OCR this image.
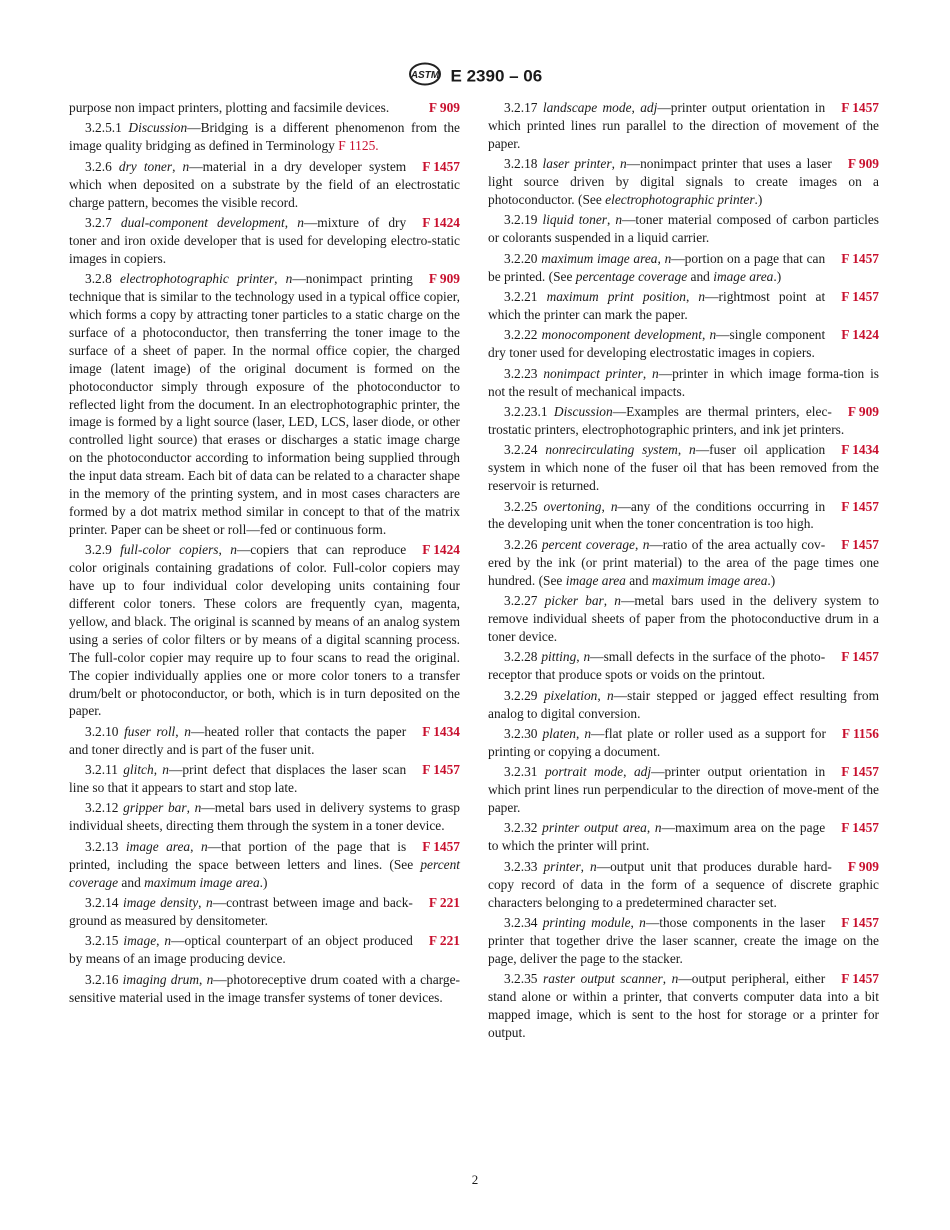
ASTM E 2390 – 06

F 909
purpose non impact printers, plotting and facsimile devices.

3.2.5.1 Discussion—Bridging is a different phenomenon from the image quality bridging as defined in Terminology F 1125.

F 1457
3.2.6 dry toner, n—material in a dry developer system which when deposited on a substrate by the field of an electrostatic charge pattern, becomes the visible record.

F 1424
3.2.7 dual-component development, n—mixture of dry toner and iron oxide developer that is used for developing electro-static images in copiers.

F 909
3.2.8 electrophotographic printer, n—nonimpact printing technique that is similar to the technology used in a typical office copier, which forms a copy by attracting toner particles to a static charge on the surface of a photoconductor, then transferring the toner image to the surface of a sheet of paper. In the normal office copier, the charged image (latent image) of the original document is formed on the photoconductor simply through exposure of the photoconductor to reflected light from the document. In an electrophotographic printer, the image is formed by a light source (laser, LED, LCS, laser diode, or other controlled light source) that erases or discharges a static image charge on the photoconductor according to information being supplied through the input data stream. Each bit of data can be related to a character shape in the memory of the printing system, and in most cases characters are formed by a dot matrix method similar in concept to that of the matrix printer. Paper can be sheet or roll—fed or continuous form.

F 1424
3.2.9 full-color copiers, n—copiers that can reproduce color originals containing gradations of color. Full-color copiers may have up to four individual color developing units containing four different color toners. These colors are frequently cyan, magenta, yellow, and black. The original is scanned by means of an analog system using a series of color filters or by means of a digital scanning process. The full-color copier may require up to four scans to read the original. The copier individually applies one or more color toners to a transfer drum/belt or photoconductor, or both, which is in turn deposited on the paper.

F 1434
3.2.10 fuser roll, n—heated roller that contacts the paper and toner directly and is part of the fuser unit.

F 1457
3.2.11 glitch, n—print defect that displaces the laser scan line so that it appears to start and stop late.

3.2.12 gripper bar, n—metal bars used in delivery systems to grasp individual sheets, directing them through the system in a toner device.

F 1457
3.2.13 image area, n—that portion of the page that is printed, including the space between letters and lines. (See percent coverage and maximum image area.)

F 221
3.2.14 image density, n—contrast between image and back-ground as measured by densitometer.

F 221
3.2.15 image, n—optical counterpart of an object produced by means of an image producing device.

3.2.16 imaging drum, n—photoreceptive drum coated with a charge-sensitive material used in the image transfer systems of toner devices.

F 1457
3.2.17 landscape mode, adj—printer output orientation in which printed lines run parallel to the direction of movement of the paper.

F 909
3.2.18 laser printer, n—nonimpact printer that uses a laser light source driven by digital signals to create images on a photoconductor. (See electrophotographic printer.)

3.2.19 liquid toner, n—toner material composed of carbon particles or colorants suspended in a liquid carrier.

F 1457
3.2.20 maximum image area, n—portion on a page that can be printed. (See percentage coverage and image area.)

F 1457
3.2.21 maximum print position, n—rightmost point at which the printer can mark the paper.

F 1424
3.2.22 monocomponent development, n—single component dry toner used for developing electrostatic images in copiers.

3.2.23 nonimpact printer, n—printer in which image forma-tion is not the result of mechanical impacts.

F 909
3.2.23.1 Discussion—Examples are thermal printers, elec-trostatic printers, electrophotographic printers, and ink jet printers.

F 1434
3.2.24 nonrecirculating system, n—fuser oil application system in which none of the fuser oil that has been removed from the reservoir is returned.

F 1457
3.2.25 overtoning, n—any of the conditions occurring in the developing unit when the toner concentration is too high.

F 1457
3.2.26 percent coverage, n—ratio of the area actually cov-ered by the ink (or print material) to the area of the page times one hundred. (See image area and maximum image area.)

3.2.27 picker bar, n—metal bars used in the delivery system to remove individual sheets of paper from the photoconductive drum in a toner device.

F 1457
3.2.28 pitting, n—small defects in the surface of the photo-receptor that produce spots or voids on the printout.

3.2.29 pixelation, n—stair stepped or jagged effect resulting from analog to digital conversion.

F 1156
3.2.30 platen, n—flat plate or roller used as a support for printing or copying a document.

F 1457
3.2.31 portrait mode, adj—printer output orientation in which print lines run perpendicular to the direction of move-ment of the paper.

F 1457
3.2.32 printer output area, n—maximum area on the page to which the printer will print.

F 909
3.2.33 printer, n—output unit that produces durable hard-copy record of data in the form of a sequence of discrete graphic characters belonging to a predetermined character set.

F 1457
3.2.34 printing module, n—those components in the laser printer that together drive the laser scanner, create the image on the page, deliver the page to the stacker.

F 1457
3.2.35 raster output scanner, n—output peripheral, either stand alone or within a printer, that converts computer data into a bit mapped image, which is sent to the host for storage or a printer for output.

2
